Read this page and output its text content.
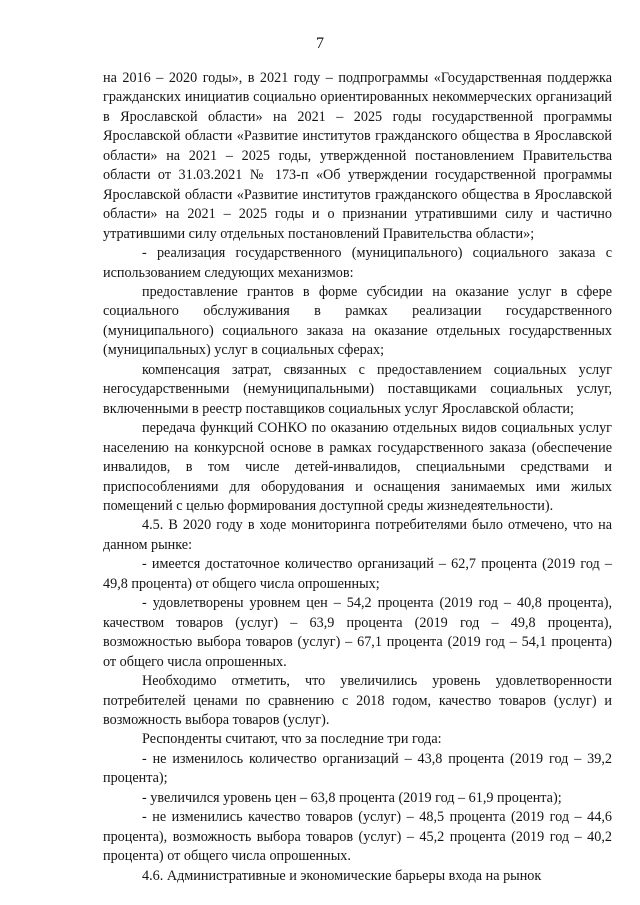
7

на 2016 – 2020 годы», в 2021 году – подпрограммы «Государственная поддержка гражданских инициатив социально ориентированных некоммерческих организаций в Ярославской области» на 2021 – 2025 годы государственной программы Ярославской области «Развитие институтов гражданского общества в Ярославской области» на 2021 – 2025 годы, утвержденной постановлением Правительства области от 31.03.2021 № 173-п «Об утверждении государственной программы Ярославской области «Развитие институтов гражданского общества в Ярославской области» на 2021 – 2025 годы и о признании утратившими силу и частично утратившими силу отдельных постановлений Правительства области»;

- реализация государственного (муниципального) социального заказа с использованием следующих механизмов:

предоставление грантов в форме субсидии на оказание услуг в сфере социального обслуживания в рамках реализации государственного (муниципального) социального заказа на оказание отдельных государственных (муниципальных) услуг в социальных сферах;

компенсация затрат, связанных с предоставлением социальных услуг негосударственными (немуниципальными) поставщиками социальных услуг, включенными в реестр поставщиков социальных услуг Ярославской области;

передача функций СОНКО по оказанию отдельных видов социальных услуг населению на конкурсной основе в рамках государственного заказа (обеспечение инвалидов, в том числе детей-инвалидов, специальными средствами и приспособлениями для оборудования и оснащения занимаемых ими жилых помещений с целью формирования доступной среды жизнедеятельности).

4.5. В 2020 году в ходе мониторинга потребителями было отмечено, что на данном рынке:

- имеется достаточное количество организаций – 62,7 процента (2019 год – 49,8 процента) от общего числа опрошенных;

- удовлетворены уровнем цен – 54,2 процента (2019 год – 40,8 процента), качеством товаров (услуг) – 63,9 процента (2019 год – 49,8 процента), возможностью выбора товаров (услуг) – 67,1 процента (2019 год – 54,1 процента) от общего числа опрошенных.

Необходимо отметить, что увеличились уровень удовлетворенности потребителей ценами по сравнению с 2018 годом, качество товаров (услуг) и возможность выбора товаров (услуг).

Респонденты считают, что за последние три года:

- не изменилось количество организаций – 43,8 процента (2019 год – 39,2 процента);

- увеличился уровень цен – 63,8 процента (2019 год – 61,9 процента);

- не изменились качество товаров (услуг) – 48,5 процента (2019 год – 44,6 процента), возможность выбора товаров (услуг) – 45,2 процента (2019 год – 40,2 процента) от общего числа опрошенных.

4.6. Административные и экономические барьеры входа на рынок
